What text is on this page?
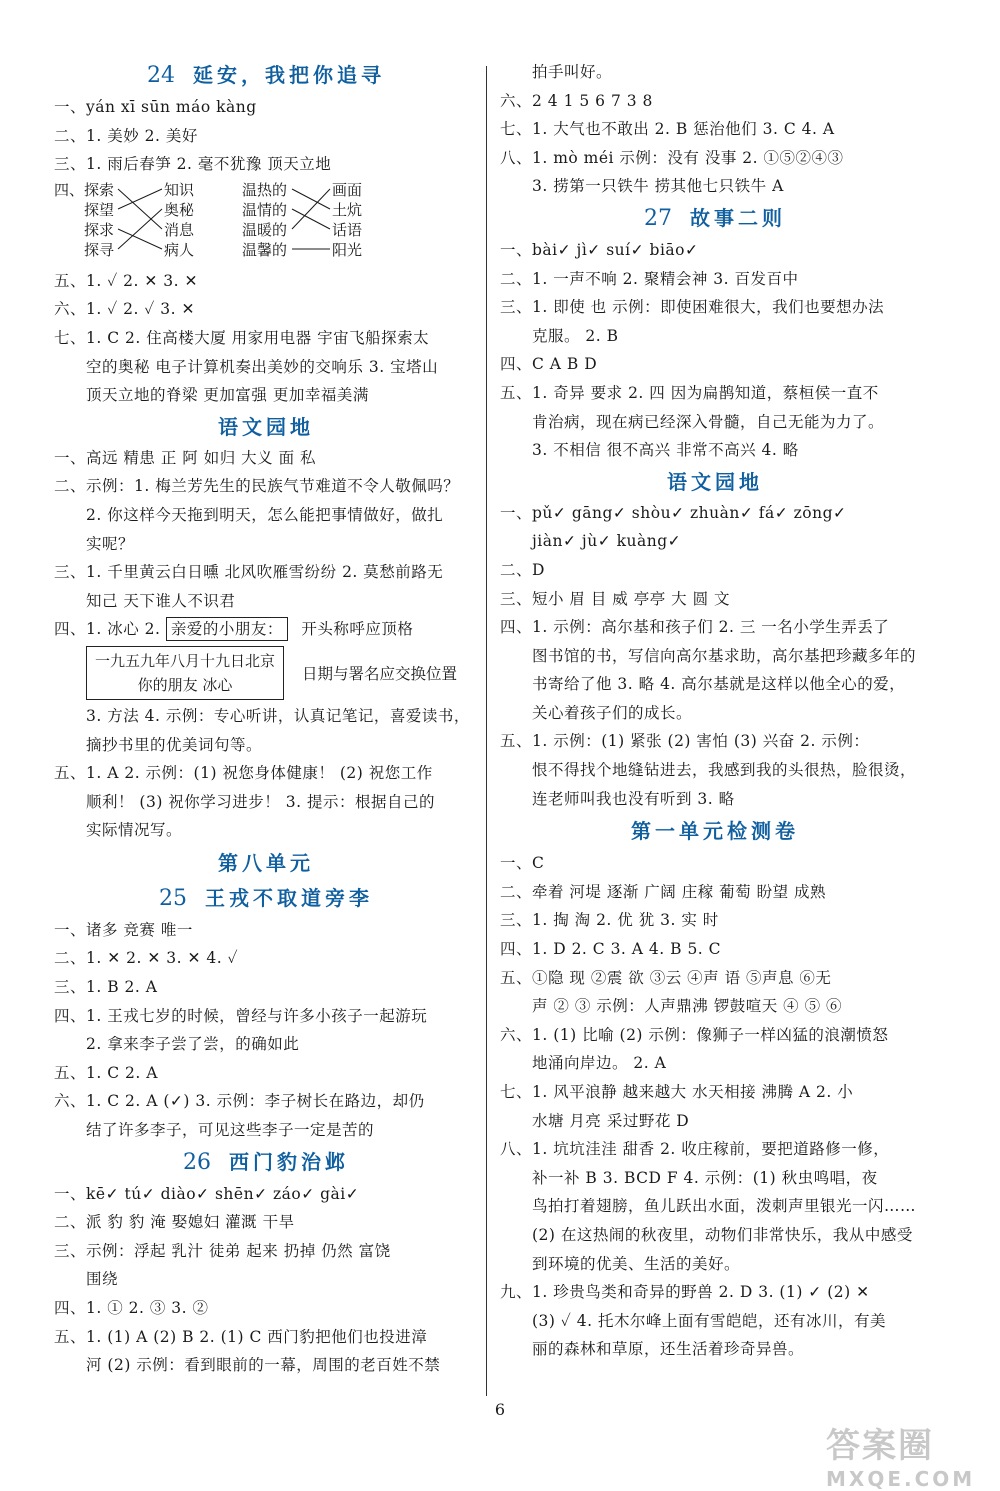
24 延安，我把你追寻
一、yán xī sūn máo kàng
二、1. 美妙 2. 美好
三、1. 雨后春笋 2. 毫不犹豫 顶天立地
四、 探索
探望
探求
探寻
知识
奥秘
消息
病人
温热的
温情的
温暖的
温馨的
画面
土炕
话语
阳光
五、1. ✓ 2. ✕ 3. ✕
六、1. ✓ 2. ✓ 3. ✕
七、1. C 2. 住高楼大厦 用家用电器 宇宙飞船探索太
空的奥秘 电子计算机奏出美妙的交响乐 3. 宝塔山
顶天立地的脊梁 更加富强 更加幸福美满
语文园地
一、高远 精患 正 阿 如归 大义 面 私
二、示例：1. 梅兰芳先生的民族气节难道不令人敬佩吗？
2. 你这样今天拖到明天，怎么能把事情做好，做扎
实呢？
三、1. 千里黄云白日曛 北风吹雁雪纷纷 2. 莫愁前路无
知己 天下谁人不识君
四、1. 冰心 2. 亲爱的小朋友： 开头称呼应顶格
一九五九年八月十九日北京
你的朋友 冰心
日期与署名应交换位置
3. 方法 4. 示例：专心听讲，认真记笔记，喜爱读书，
摘抄书里的优美词句等。
五、1. A 2. 示例：(1) 祝您身体健康！ (2) 祝您工作
顺利！ (3) 祝你学习进步！ 3. 提示：根据自己的
实际情况写。
第八单元
25 王戎不取道旁李
一、诸多 竞赛 唯一
二、1. ✕ 2. ✕ 3. ✕ 4. ✓
三、1. B 2. A
四、1. 王戎七岁的时候，曾经与许多小孩子一起游玩
2. 拿来李子尝了尝，的确如此
五、1. C 2. A
六、1. C 2. A (✓) 3. 示例：李子树长在路边，却仍
结了许多李子，可见这些李子一定是苦的
26 西门豹治邺
一、kē✓ tú✓ diào✓ shēn✓ záo✓ gài✓
二、派 豹 豹 淹 娶媳妇 灌溉 干旱
三、示例：浮起 乳汁 徒弟 起来 扔掉 仍然 富饶
围绕
四、1. ① 2. ③ 3. ②
五、1. (1) A (2) B 2. (1) C 西门豹把他们也投进漳
河 (2) 示例：看到眼前的一幕，周围的老百姓不禁
拍手叫好。
六、2 4 1 5 6 7 3 8
七、1. 大气也不敢出 2. B 惩治他们 3. C 4. A
八、1. mò méi 示例：没有 没事 2. ①⑤②④③
3. 捞第一只铁牛 捞其他七只铁牛 A
27 故事二则
一、bài✓ jì✓ suí✓ biāo✓
二、1. 一声不响 2. 聚精会神 3. 百发百中
三、1. 即使 也 示例：即使困难很大，我们也要想办法
克服。 2. B
四、C A B D
五、1. 奇异 要求 2. 四 因为扁鹊知道，蔡桓侯一直不
肯治病，现在病已经深入骨髓，自己无能为力了。
3. 不相信 很不高兴 非常不高兴 4. 略
语文园地
一、pǔ✓ gāng✓ shòu✓ zhuàn✓ fá✓ zōng✓
jiàn✓ jù✓ kuàng✓
二、D
三、短小 眉 目 威 亭亭 大 圆 文
四、1. 示例：高尔基和孩子们 2. 三 一名小学生弄丢了
图书馆的书，写信向高尔基求助，高尔基把珍藏多年的
书寄给了他 3. 略 4. 高尔基就是这样以他全心的爱，
关心着孩子们的成长。
五、1. 示例：(1) 紧张 (2) 害怕 (3) 兴奋 2. 示例：
恨不得找个地缝钻进去，我感到我的头很热，脸很烫，
连老师叫我也没有听到 3. 略
第一单元检测卷
一、C
二、牵着 河堤 逐渐 广阔 庄稼 葡萄 盼望 成熟
三、1. 掏 淘 2. 优 犹 3. 实 时
四、1. D 2. C 3. A 4. B 5. C
五、①隐 现 ②震 欲 ③云 ④声 语 ⑤声息 ⑥无
声 ② ③ 示例：人声鼎沸 锣鼓喧天 ④ ⑤ ⑥
六、1. (1) 比喻 (2) 示例：像狮子一样凶猛的浪潮愤怒
地涌向岸边。 2. A
七、1. 风平浪静 越来越大 水天相接 沸腾 A 2. 小
水塘 月亮 采过野花 D
八、1. 坑坑洼洼 甜香 2. 收庄稼前，要把道路修一修，
补一补 B 3. BCD F 4. 示例：(1) 秋虫鸣唱，夜
鸟拍打着翅膀，鱼儿跃出水面，泼刺声里银光一闪……
(2) 在这热闹的秋夜里，动物们非常快乐，我从中感受
到环境的优美、生活的美好。
九、1. 珍贵鸟类和奇异的野兽 2. D 3. (1) ✓ (2) ✕
(3) ✓ 4. 托木尔峰上面有雪皑皑，还有冰川，有美
丽的森林和草原，还生活着珍奇异兽。
6
答案圈
MXQE.COM
